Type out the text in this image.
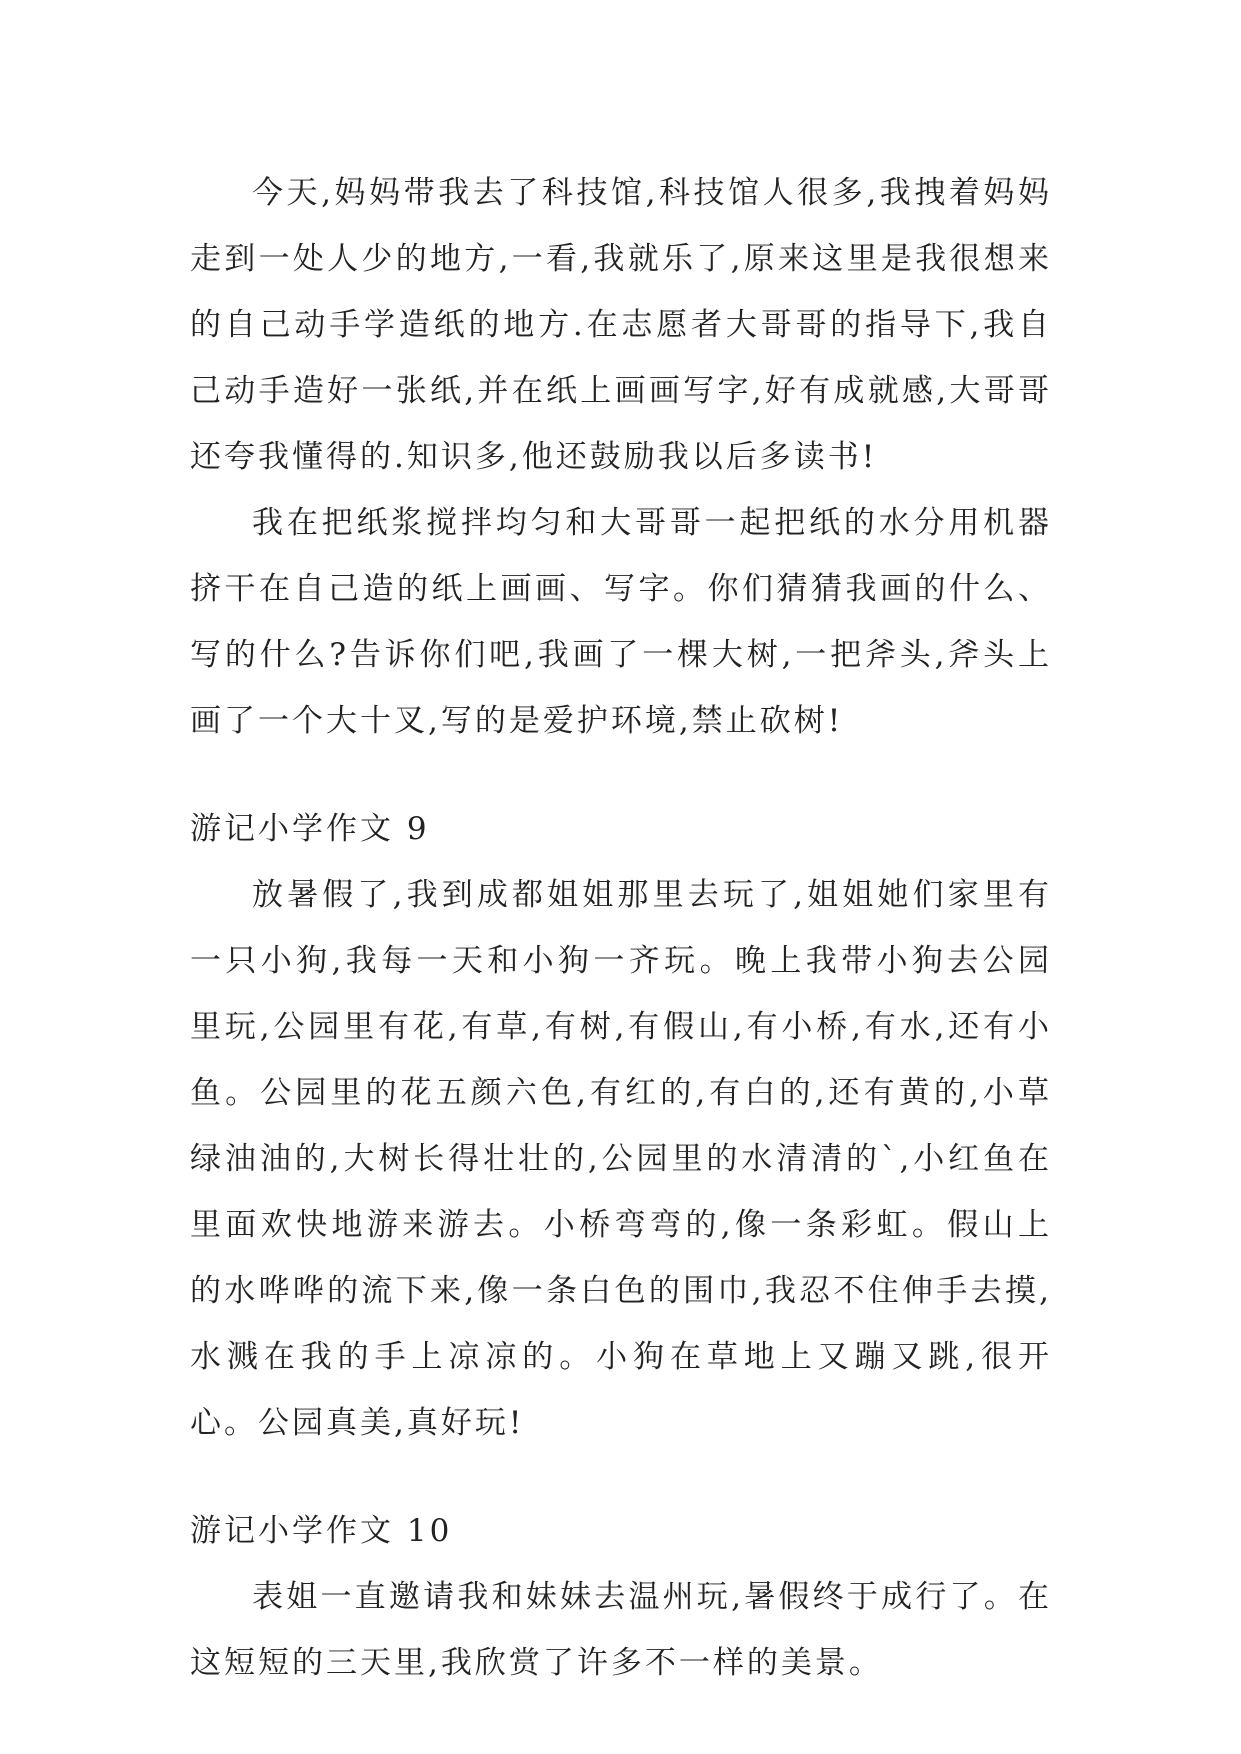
今天,妈妈带我去了科技馆,科技馆人很多,我拽着妈妈走到一处人少的地方,一看,我就乐了,原来这里是我很想来的自己动手学造纸的地方.在志愿者大哥哥的指导下,我自己动手造好一张纸,并在纸上画画写字,好有成就感,大哥哥还夸我懂得的.知识多,他还鼓励我以后多读书!

我在把纸浆搅拌均匀和大哥哥一起把纸的水分用机器挤干在自己造的纸上画画、写字。你们猜猜我画的什么、写的什么?告诉你们吧,我画了一棵大树,一把斧头,斧头上画了一个大十叉,写的是爱护环境,禁止砍树!

游记小学作文 9

放暑假了,我到成都姐姐那里去玩了,姐姐她们家里有一只小狗,我每一天和小狗一齐玩。晚上我带小狗去公园里玩,公园里有花,有草,有树,有假山,有小桥,有水,还有小鱼。公园里的花五颜六色,有红的,有白的,还有黄的,小草绿油油的,大树长得壮壮的,公园里的水清清的`,小红鱼在里面欢快地游来游去。小桥弯弯的,像一条彩虹。假山上的水哗哗的流下来,像一条白色的围巾,我忍不住伸手去摸,水溅在我的手上凉凉的。小狗在草地上又蹦又跳,很开心。公园真美,真好玩!

游记小学作文 10

表姐一直邀请我和妹妹去温州玩,暑假终于成行了。在这短短的三天里,我欣赏了许多不一样的美景。
